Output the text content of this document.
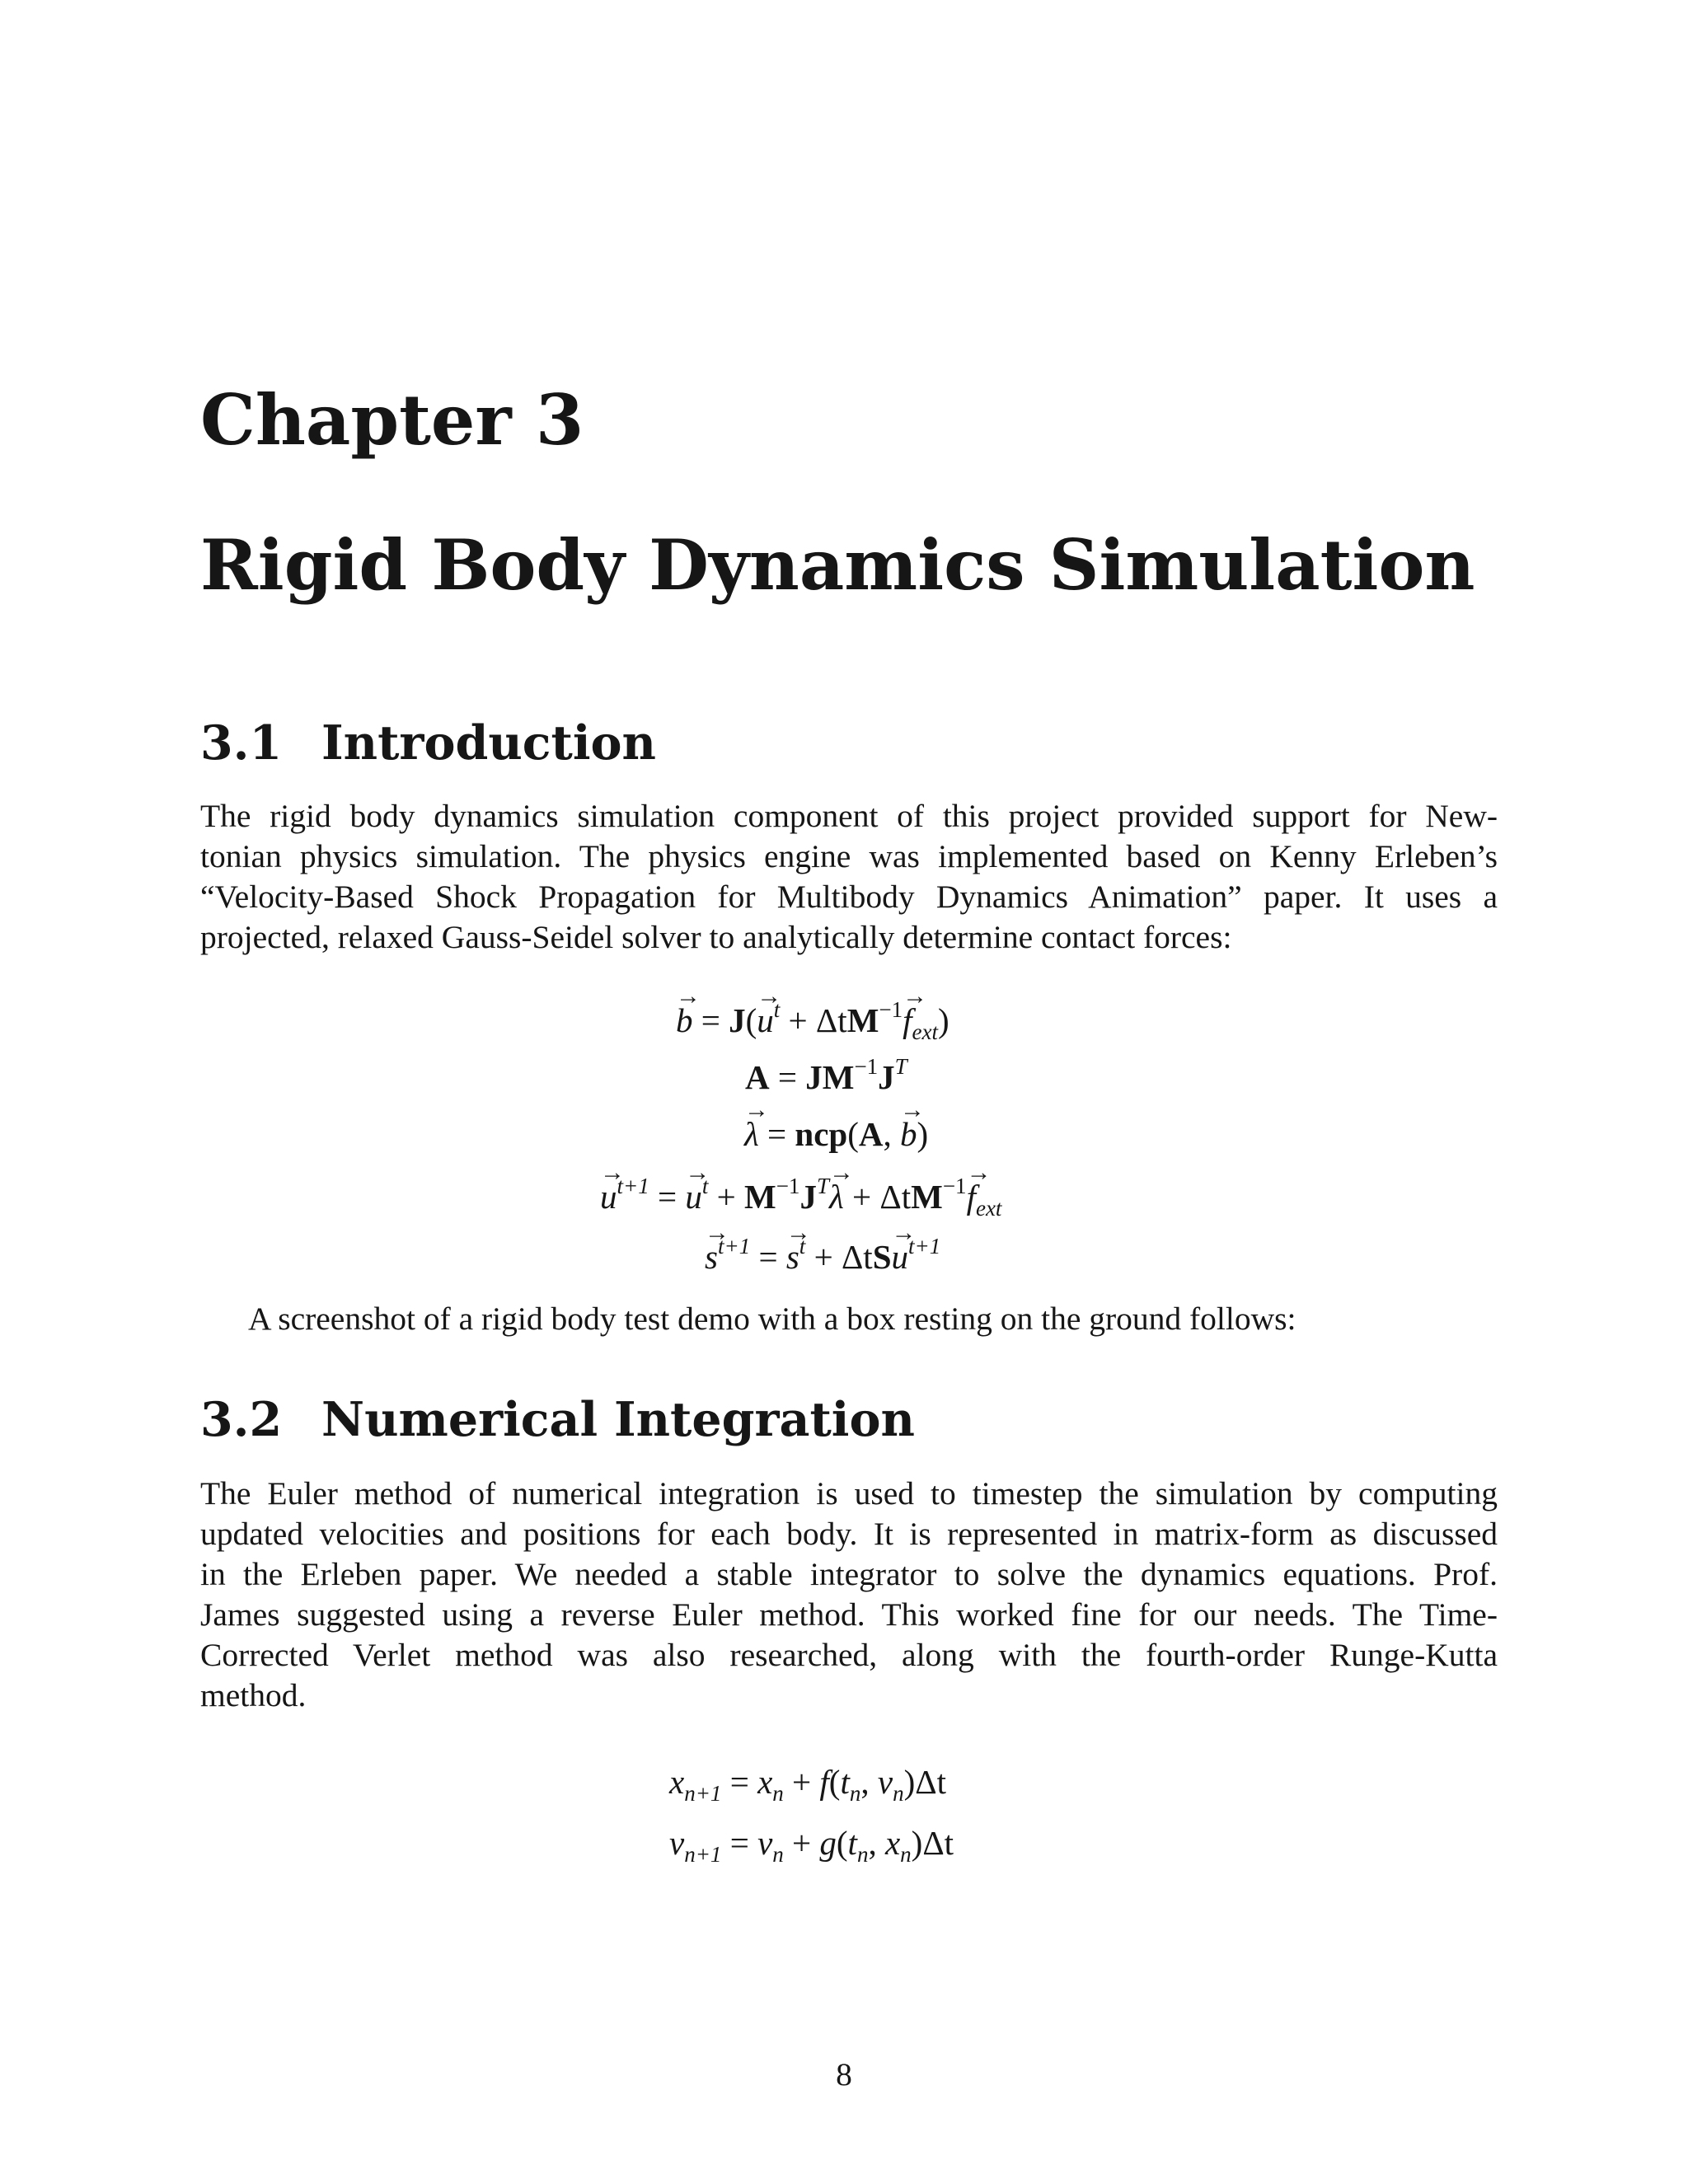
Chapter 3
Rigid Body Dynamics Simulation
3.1 Introduction

The rigid body dynamics simulation component of this project provided support for New-
tonian physics simulation. The physics engine was implemented based on Kenny Erleben’s
“Velocity-Based Shock Propagation for Multibody Dynamics Animation” paper. It uses a
projected, relaxed Gauss-Seidel solver to analytically determine contact forces:

→ $b = J(\to u^t + \Delta tM^{-1}\to f_{ext})$
$A = JM^{-1}J^T$
→ λ = ncp(A, → b)
→ $u^{t+1}$ = → $u^t + M^{-1}J^T\to \lambda + \Delta tM^{-1}\to f_{ext}$
→ $s^{t+1}$ = → $s^t + \Delta tS\to u^{t+1}$
A screenshot of a rigid body test demo with a box resting on the ground follows:
3.2 Numerical Integration

The Euler method of numerical integration is used to timestep the simulation by computing
updated velocities and positions for each body. It is represented in matrix-form as discussed
in the Erleben paper. We needed a stable integrator to solve the dynamics equations. Prof.
James suggested using a reverse Euler method. This worked fine for our needs. The Time-
Corrected Verlet method was also researched, along with the fourth-order Runge-Kutta
method.

$x_{n+1} = x_n + f(t_n$, $v_n)\Delta t$
$v_{n+1} = v_n + g(t_n$, $x_n)\Delta t$
8
